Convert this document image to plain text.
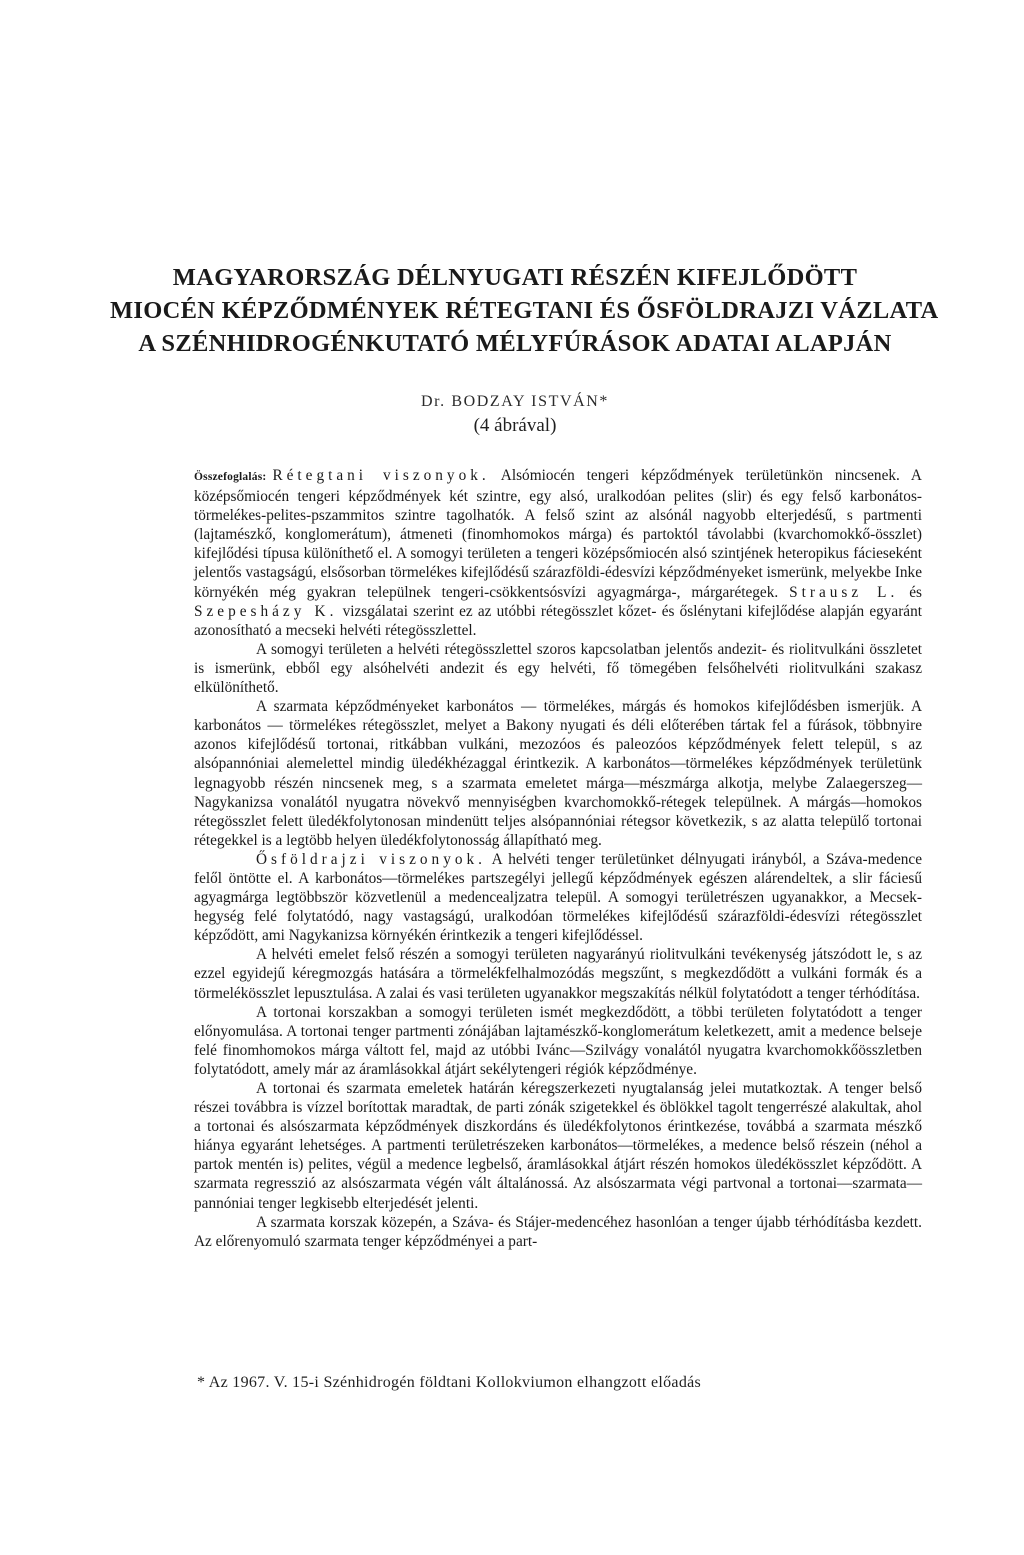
MAGYARORSZÁG DÉLNYUGATI RÉSZÉN KIFEJLŐDÖTT
MIOCÉN KÉPZŐDMÉNYEK RÉTEGTANI ÉS ŐSFÖLDRAJZI VÁZLATA
A SZÉNHIDROGÉNKUTATÓ MÉLYFÚRÁSOK ADATAI ALAPJÁN
Dr. BODZAY ISTVÁN*
(4 ábrával)

Összefoglalás: Rétegtani viszonyok. Alsómiocén tengeri képződmények területünkön nincsenek. A középsőmiocén tengeri képződmények két szintre, egy alsó, uralkodóan pelites (slir) és egy felső karbonátos-törmelékes-pelites-pszammitos szintre tagolhatók. A felső szint az alsónál nagyobb elterjedésű, s partmenti (lajtamészkő, konglomerátum), átmeneti (finomhomokos márga) és partoktól távolabbi (kvarchomokkő-összlet) kifejlődési típusa különíthető el. A somogyi területen a tengeri középsőmiocén alsó szintjének heteropikus fácieseként jelentős vastagságú, elsősorban törmelékes kifejlődésű szárazföldi-édesvízi képződményeket ismerünk, melyekbe Inke környékén még gyakran települnek tengeri-csökkentsósvízi agyagmárga-, márgarétegek. Strausz L. és Szepesházy K. vizsgálatai szerint ez az utóbbi rétegösszlet kőzet- és őslénytani kifejlődése alapján egyaránt azonosítható a mecseki helvéti rétegösszlettel.

A somogyi területen a helvéti rétegösszlettel szoros kapcsolatban jelentős andezit- és riolitvulkáni összletet is ismerünk, ebből egy alsóhelvéti andezit és egy helvéti, fő tömegében felsőhelvéti riolitvulkáni szakasz elkülöníthető.

A szarmata képződményeket karbonátos — törmelékes, márgás és homokos kifejlődésben ismerjük. A karbonátos — törmelékes rétegösszlet, melyet a Bakony nyugati és déli előterében tártak fel a fúrások, többnyire azonos kifejlődésű tortonai, ritkábban vulkáni, mezozóos és paleozóos képződmények felett települ, s az alsópannóniai alemelettel mindig üledékhézaggal érintkezik. A karbonátos—törmelékes képződmények területünk legnagyobb részén nincsenek meg, s a szarmata emeletet márga—mészmárga alkotja, melybe Zalaegerszeg—Nagykanizsa vonalától nyugatra növekvő mennyiségben kvarchomokkő-rétegek települnek. A márgás—homokos rétegösszlet felett üledékfolytonosan mindenütt teljes alsópannóniai rétegsor következik, s az alatta települő tortonai rétegekkel is a legtöbb helyen üledékfolytonosság állapítható meg.

Ősföldrajzi viszonyok. A helvéti tenger területünket délnyugati irányból, a Száva-medence felől öntötte el. A karbonátos—törmelékes partszegélyi jellegű képződmények egészen alárendeltek, a slir fáciesű agyagmárga legtöbbször közvetlenül a medencealjzatra települ. A somogyi területrészen ugyanakkor, a Mecsek-hegység felé folytatódó, nagy vastagságú, uralkodóan törmelékes kifejlődésű szárazföldi-édesvízi rétegösszlet képződött, ami Nagykanizsa környékén érintkezik a tengeri kifejlődéssel.

A helvéti emelet felső részén a somogyi területen nagyarányú riolitvulkáni tevékenység játszódott le, s az ezzel egyidejű kéregmozgás hatására a törmelékfelhalmozódás megszűnt, s megkezdődött a vulkáni formák és a törmelékösszlet lepusztulása. A zalai és vasi területen ugyanakkor megszakítás nélkül folytatódott a tenger térhódítása.

A tortonai korszakban a somogyi területen ismét megkezdődött, a többi területen folytatódott a tenger előnyomulása. A tortonai tenger partmenti zónájában lajtamészkő-konglomerátum keletkezett, amit a medence belseje felé finomhomokos márga váltott fel, majd az utóbbi Ivánc—Szilvágy vonalától nyugatra kvarchomokkőösszletben folytatódott, amely már az áramlásokkal átjárt sekélytengeri régiók képződménye.

A tortonai és szarmata emeletek határán kéregszerkezeti nyugtalanság jelei mutatkoztak. A tenger belső részei továbbra is vízzel borítottak maradtak, de parti zónák szigetekkel és öblökkel tagolt tengerrészé alakultak, ahol a tortonai és alsószarmata képződmények diszkordáns és üledékfolytonos érintkezése, továbbá a szarmata mészkő hiánya egyaránt lehetséges. A partmenti területrészeken karbonátos—törmelékes, a medence belső részein (néhol a partok mentén is) pelites, végül a medence legbelső, áramlásokkal átjárt részén homokos üledékösszlet képződött. A szarmata regresszió az alsószarmata végén vált általánossá. Az alsószarmata végi partvonal a tortonai—szarmata—pannóniai tenger legkisebb elterjedését jelenti.

A szarmata korszak közepén, a Száva- és Stájer-medencéhez hasonlóan a tenger újabb térhódításba kezdett. Az előrenyomuló szarmata tenger képződményei a part-

* Az 1967. V. 15-i Szénhidrogén földtani Kollokviumon elhangzott előadás
